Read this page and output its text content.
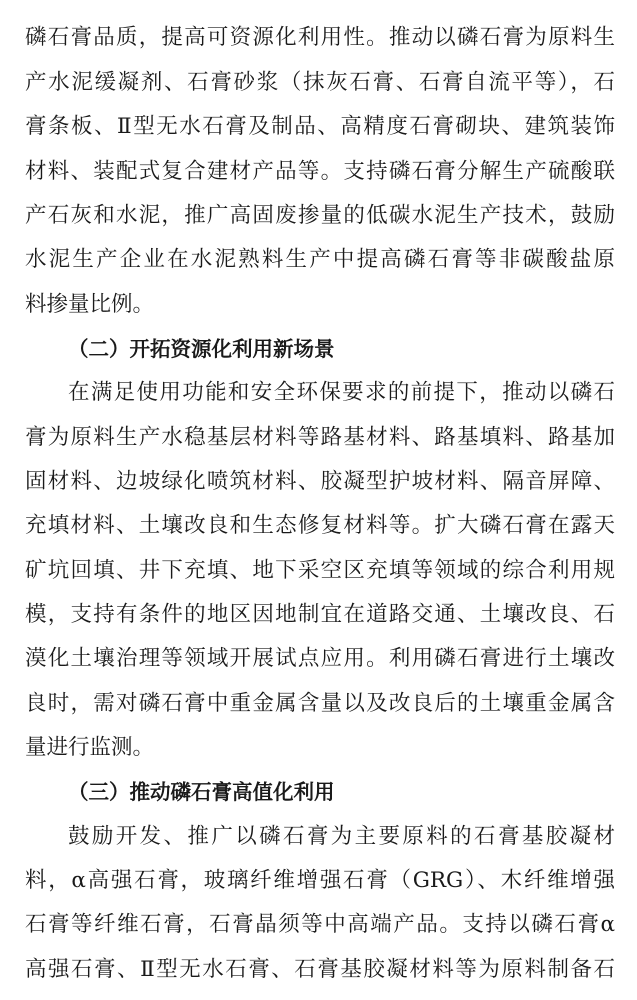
磷石膏品质，提高可资源化利用性。推动以磷石膏为原料生
产水泥缓凝剂、石膏砂浆（抹灰石膏、石膏自流平等），石
膏条板、Ⅱ型无水石膏及制品、高精度石膏砌块、建筑装饰
材料、装配式复合建材产品等。支持磷石膏分解生产硫酸联
产石灰和水泥，推广高固废掺量的低碳水泥生产技术，鼓励
水泥生产企业在水泥熟料生产中提高磷石膏等非碳酸盐原
料掺量比例。
（二）开拓资源化利用新场景
在满足使用功能和安全环保要求的前提下，推动以磷石
膏为原料生产水稳基层材料等路基材料、路基填料、路基加
固材料、边坡绿化喷筑材料、胶凝型护坡材料、隔音屏障、
充填材料、土壤改良和生态修复材料等。扩大磷石膏在露天
矿坑回填、井下充填、地下采空区充填等领域的综合利用规
模，支持有条件的地区因地制宜在道路交通、土壤改良、石
漠化土壤治理等领域开展试点应用。利用磷石膏进行土壤改
良时，需对磷石膏中重金属含量以及改良后的土壤重金属含
量进行监测。
（三）推动磷石膏高值化利用
鼓励开发、推广以磷石膏为主要原料的石膏基胶凝材
料，α高强石膏，玻璃纤维增强石膏（GRG）、木纤维增强
石膏等纤维石膏，石膏晶须等中高端产品。支持以磷石膏α
高强石膏、Ⅱ型无水石膏、石膏基胶凝材料等为原料制备石
